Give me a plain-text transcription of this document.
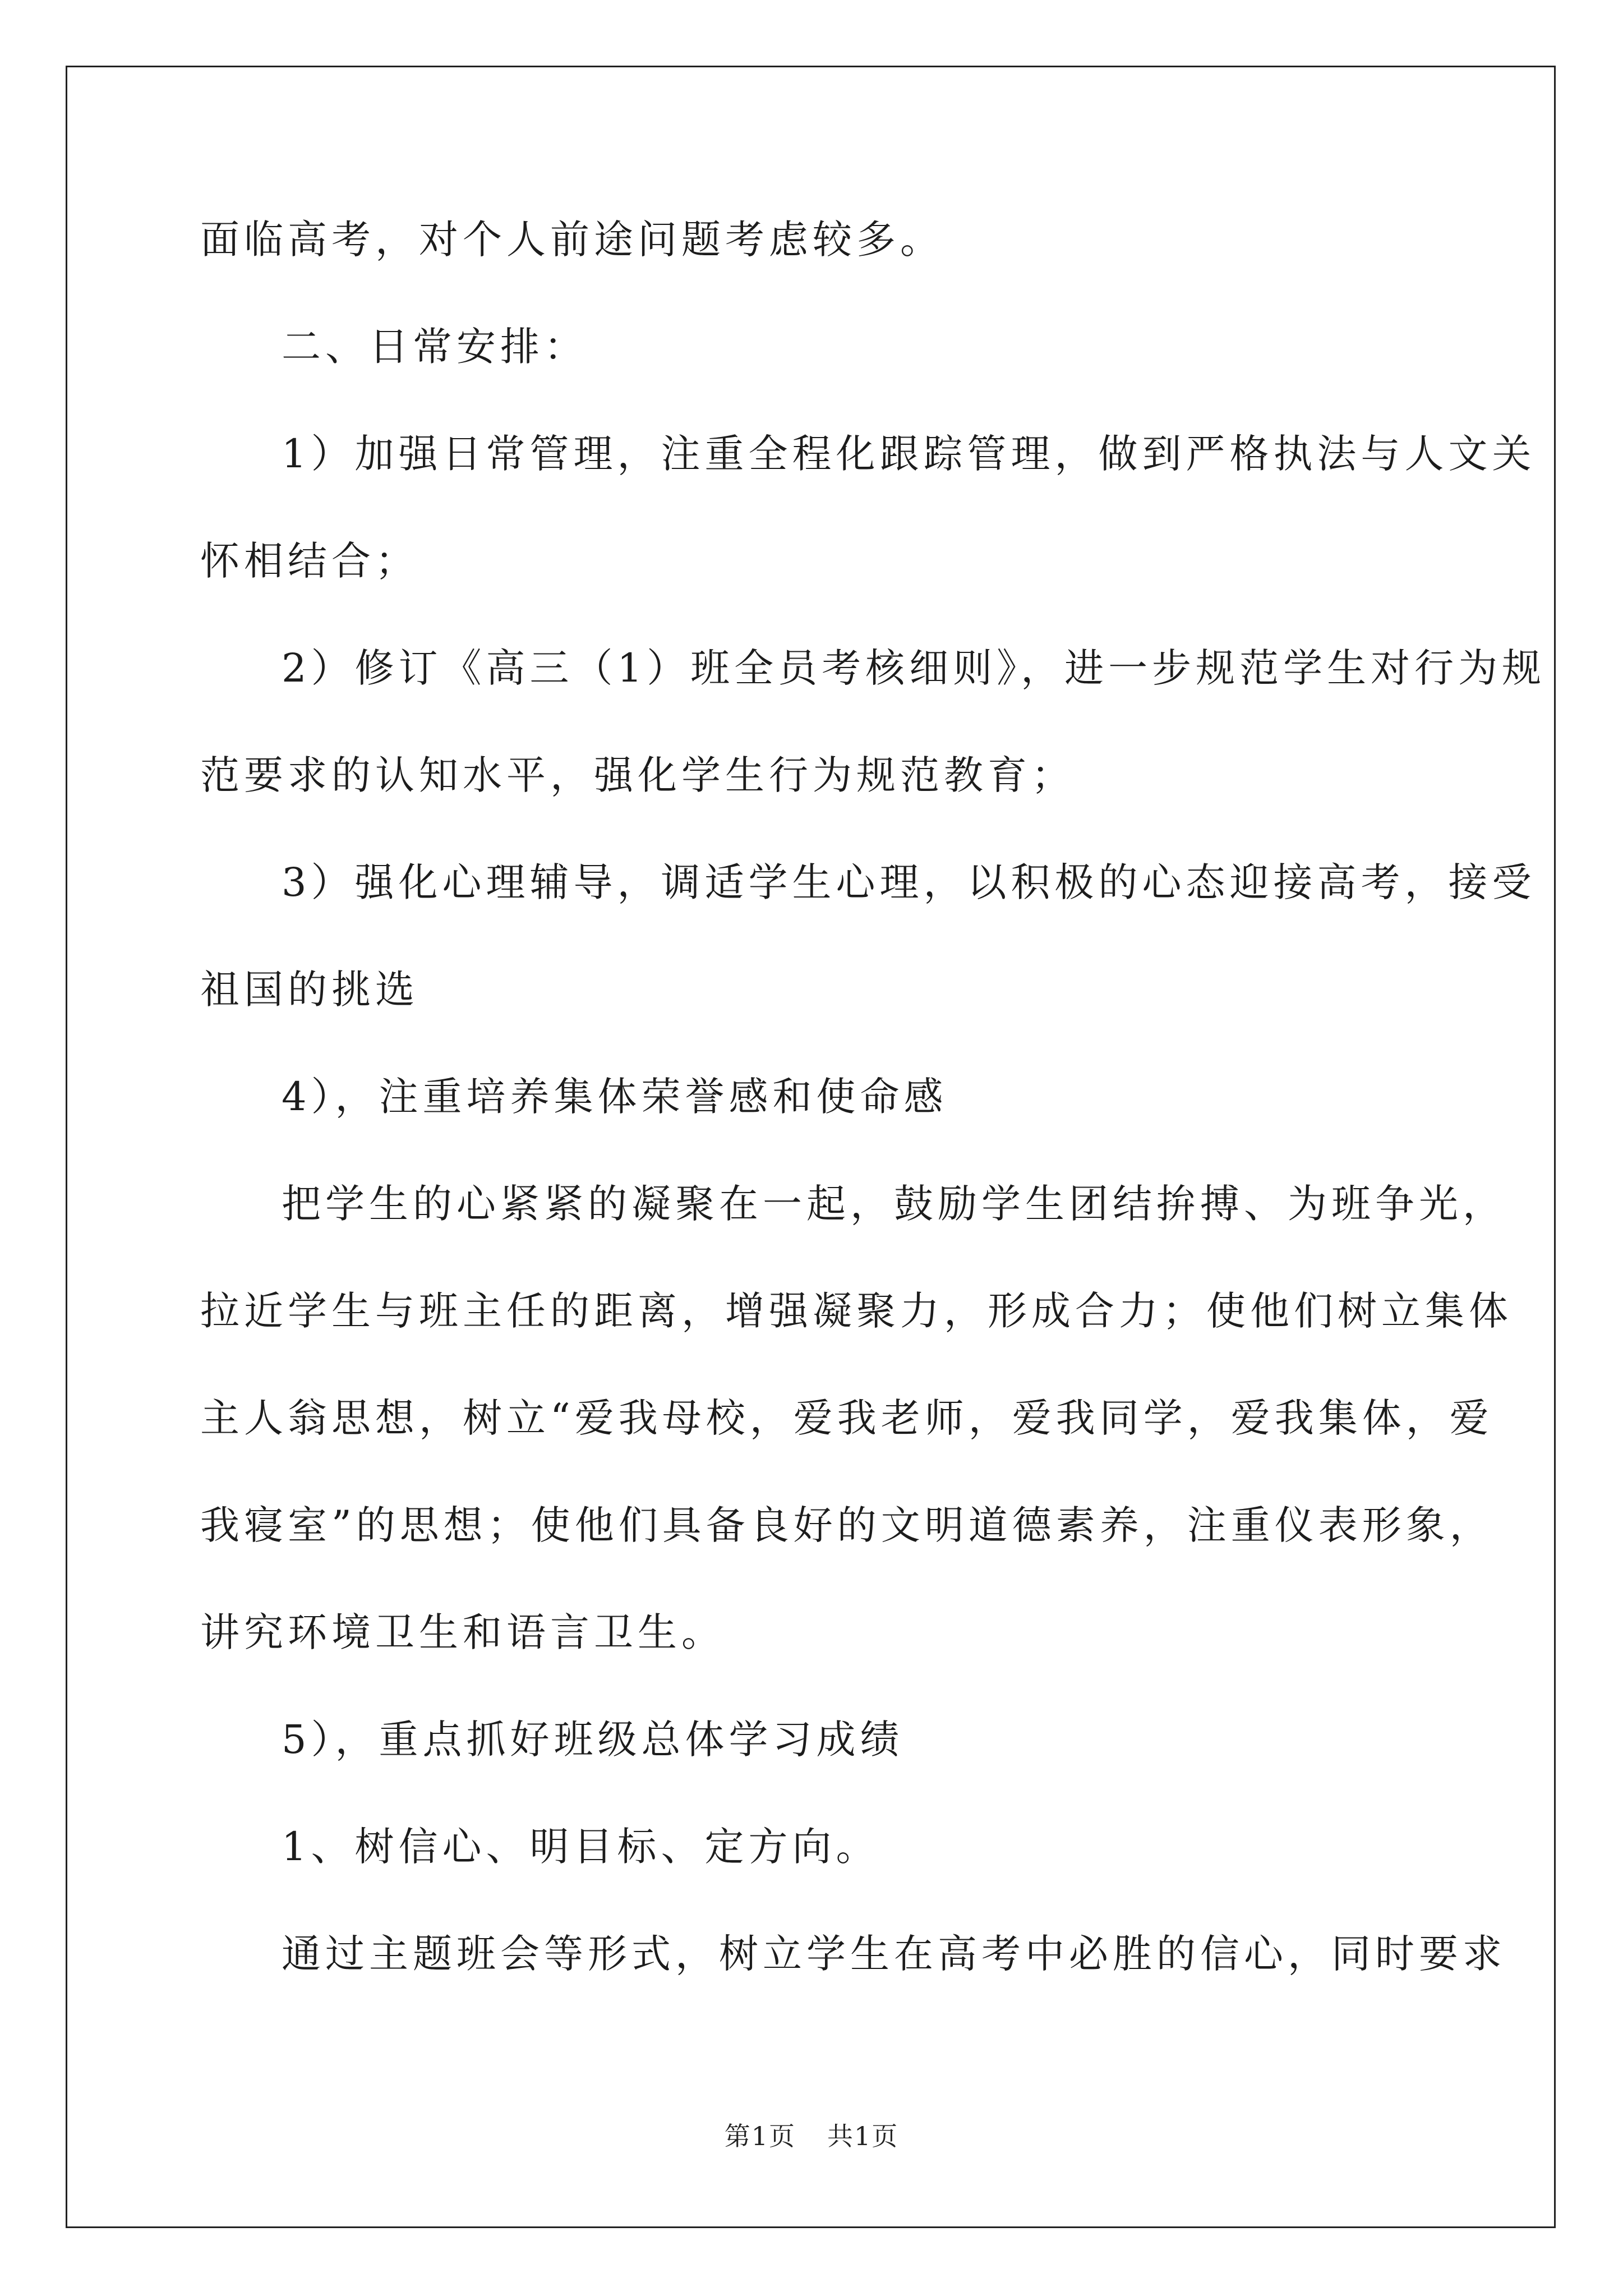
面临高考，对个人前途问题考虑较多。
二、日常安排：
1）加强日常管理，注重全程化跟踪管理，做到严格执法与人文关
怀相结合；
2）修订《高三（1）班全员考核细则》，进一步规范学生对行为规
范要求的认知水平，强化学生行为规范教育；
3）强化心理辅导，调适学生心理，以积极的心态迎接高考，接受
祖国的挑选
4），注重培养集体荣誉感和使命感
把学生的心紧紧的凝聚在一起，鼓励学生团结拚搏、为班争光，
拉近学生与班主任的距离，增强凝聚力，形成合力；使他们树立集体
主人翁思想，树立“爱我母校，爱我老师，爱我同学，爱我集体，爱
我寝室”的思想；使他们具备良好的文明道德素养，注重仪表形象，
讲究环境卫生和语言卫生。
5），重点抓好班级总体学习成绩
1、树信心、明目标、定方向。
通过主题班会等形式，树立学生在高考中必胜的信心，同时要求
第1页 共1页
